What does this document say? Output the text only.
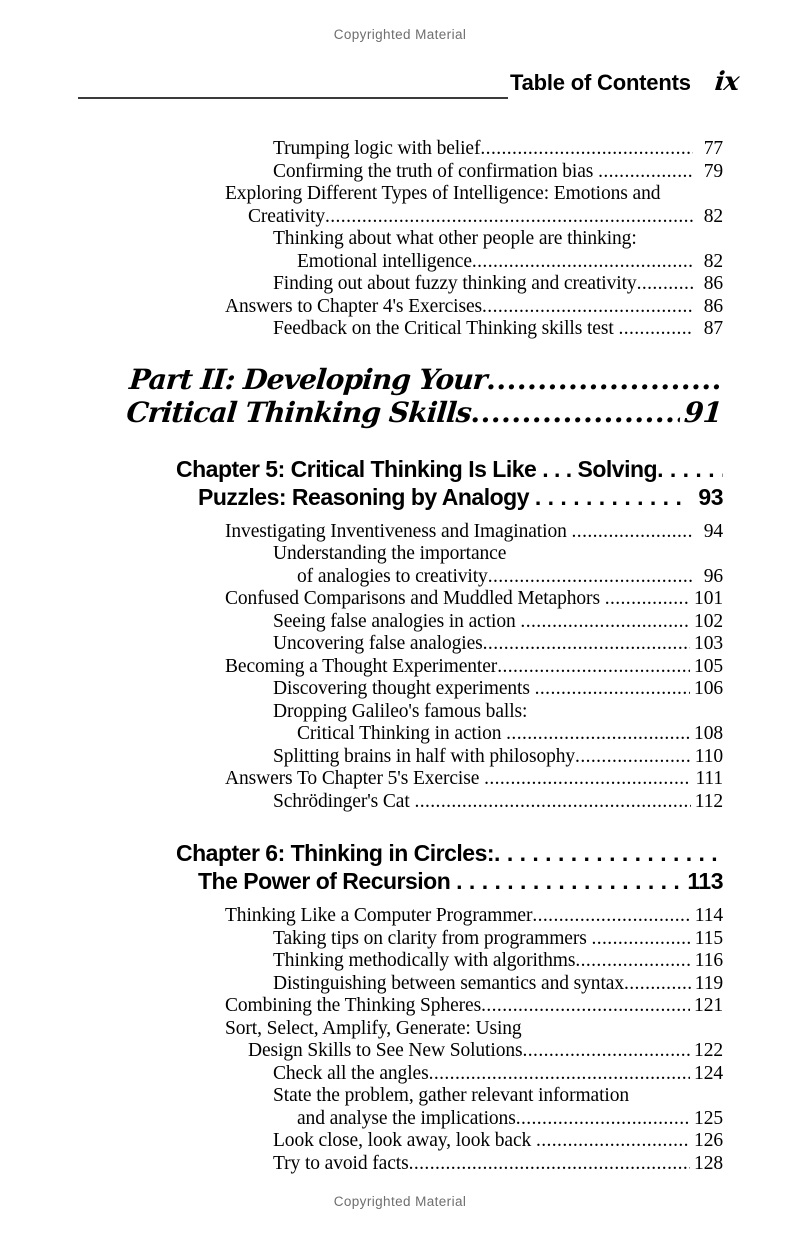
Copyrighted Material
Table of Contents ix
Trumping logic with belief .....	77
Confirming the truth of confirmation bias .....	79
Exploring Different Types of Intelligence: Emotions and
Creativity .....	82
Thinking about what other people are thinking:
Emotional intelligence .....	82
Finding out about fuzzy thinking and creativity .....	86
Answers to Chapter 4's Exercises .....	86
Feedback on the Critical Thinking skills test .....	87
Part II: Developing Your
.....
Critical Thinking Skills .....	91
Chapter 5: Critical Thinking Is Like . . . Solving
. . .
Puzzles: Reasoning by Analogy . . .	93
Investigating Inventiveness and Imagination .....	94
Understanding the importance
of analogies to creativity .....	96
Confused Comparisons and Muddled Metaphors .....	101
Seeing false analogies in action .....	102
Uncovering false analogies .....	103
Becoming a Thought Experimenter .....	105
Discovering thought experiments .....	106
Dropping Galileo's famous balls:
Critical Thinking in action .....	108
Splitting brains in half with philosophy .....	110
Answers To Chapter 5's Exercise .....	111
Schrödinger's Cat .....	112
Chapter 6: Thinking in Circles:
. . .
The Power of Recursion . . .	113
Thinking Like a Computer Programmer .....	114
Taking tips on clarity from programmers .....	115
Thinking methodically with algorithms .....	116
Distinguishing between semantics and syntax .....	119
Combining the Thinking Spheres .....	121
Sort, Select, Amplify, Generate: Using
Design Skills to See New Solutions .....	122
Check all the angles .....	124
State the problem, gather relevant information
and analyse the implications .....	125
Look close, look away, look back .....	126
Try to avoid facts .....	128
Copyrighted Material
